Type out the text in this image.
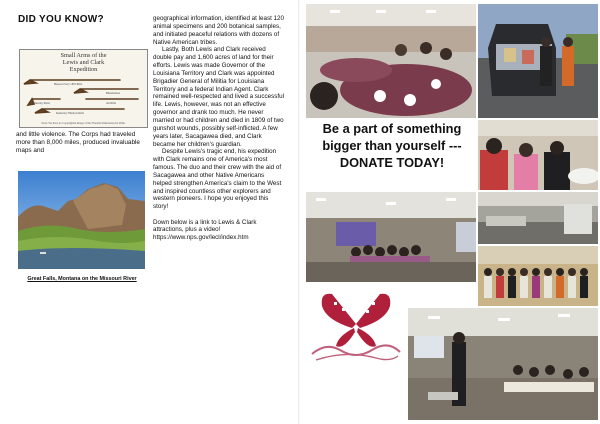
DID YOU KNOW?
Small Arms of the
Lewis and Clark
Expedition
Harpers Ferry 1803 Rifle
Blunderbuss
Kentucky Pistol	Air Rifle
Kentucky Flintlock Rifle
Note: We have no Copyrighted image of the Firearms Illustration for Rifle.
and little violence. The Corps had traveled more than 8,000 miles, produced invaluable maps and
Great Falls, Montana on the Missouri River

geographical information, identified at least 120 animal specimens and 200 botanical samples, and initiated peaceful relations with dozens of Native American tribes.

Lastly, Both Lewis and Clark received double pay and 1,600 acres of land for their efforts. Lewis was made Governor of the Louisiana Territory and Clark was appointed Brigadier General of Militia for Louisiana Territory and a federal Indian Agent. Clark remained well-respected and lived a successful life. Lewis, however, was not an effective governor and drank too much. He never married or had children and died in 1809 of two gunshot wounds, possibly self-inflicted. A few years later, Sacagawea died, and Clark became her children's guardian.

Despite Lewis's tragic end, his expedition with Clark remains one of America's most famous. The duo and their crew with the aid of Sacagawea and other Native Americans helped strengthen America's claim to the West and inspired countless other explorers and western pioneers. I hope you enjoyed this story!

Down below is a link to Lewis & Clark attractions, plus a video!

https://www.nps.gov/lecl/index.htm

Be a part of something
bigger than yourself ---
DONATE TODAY!
